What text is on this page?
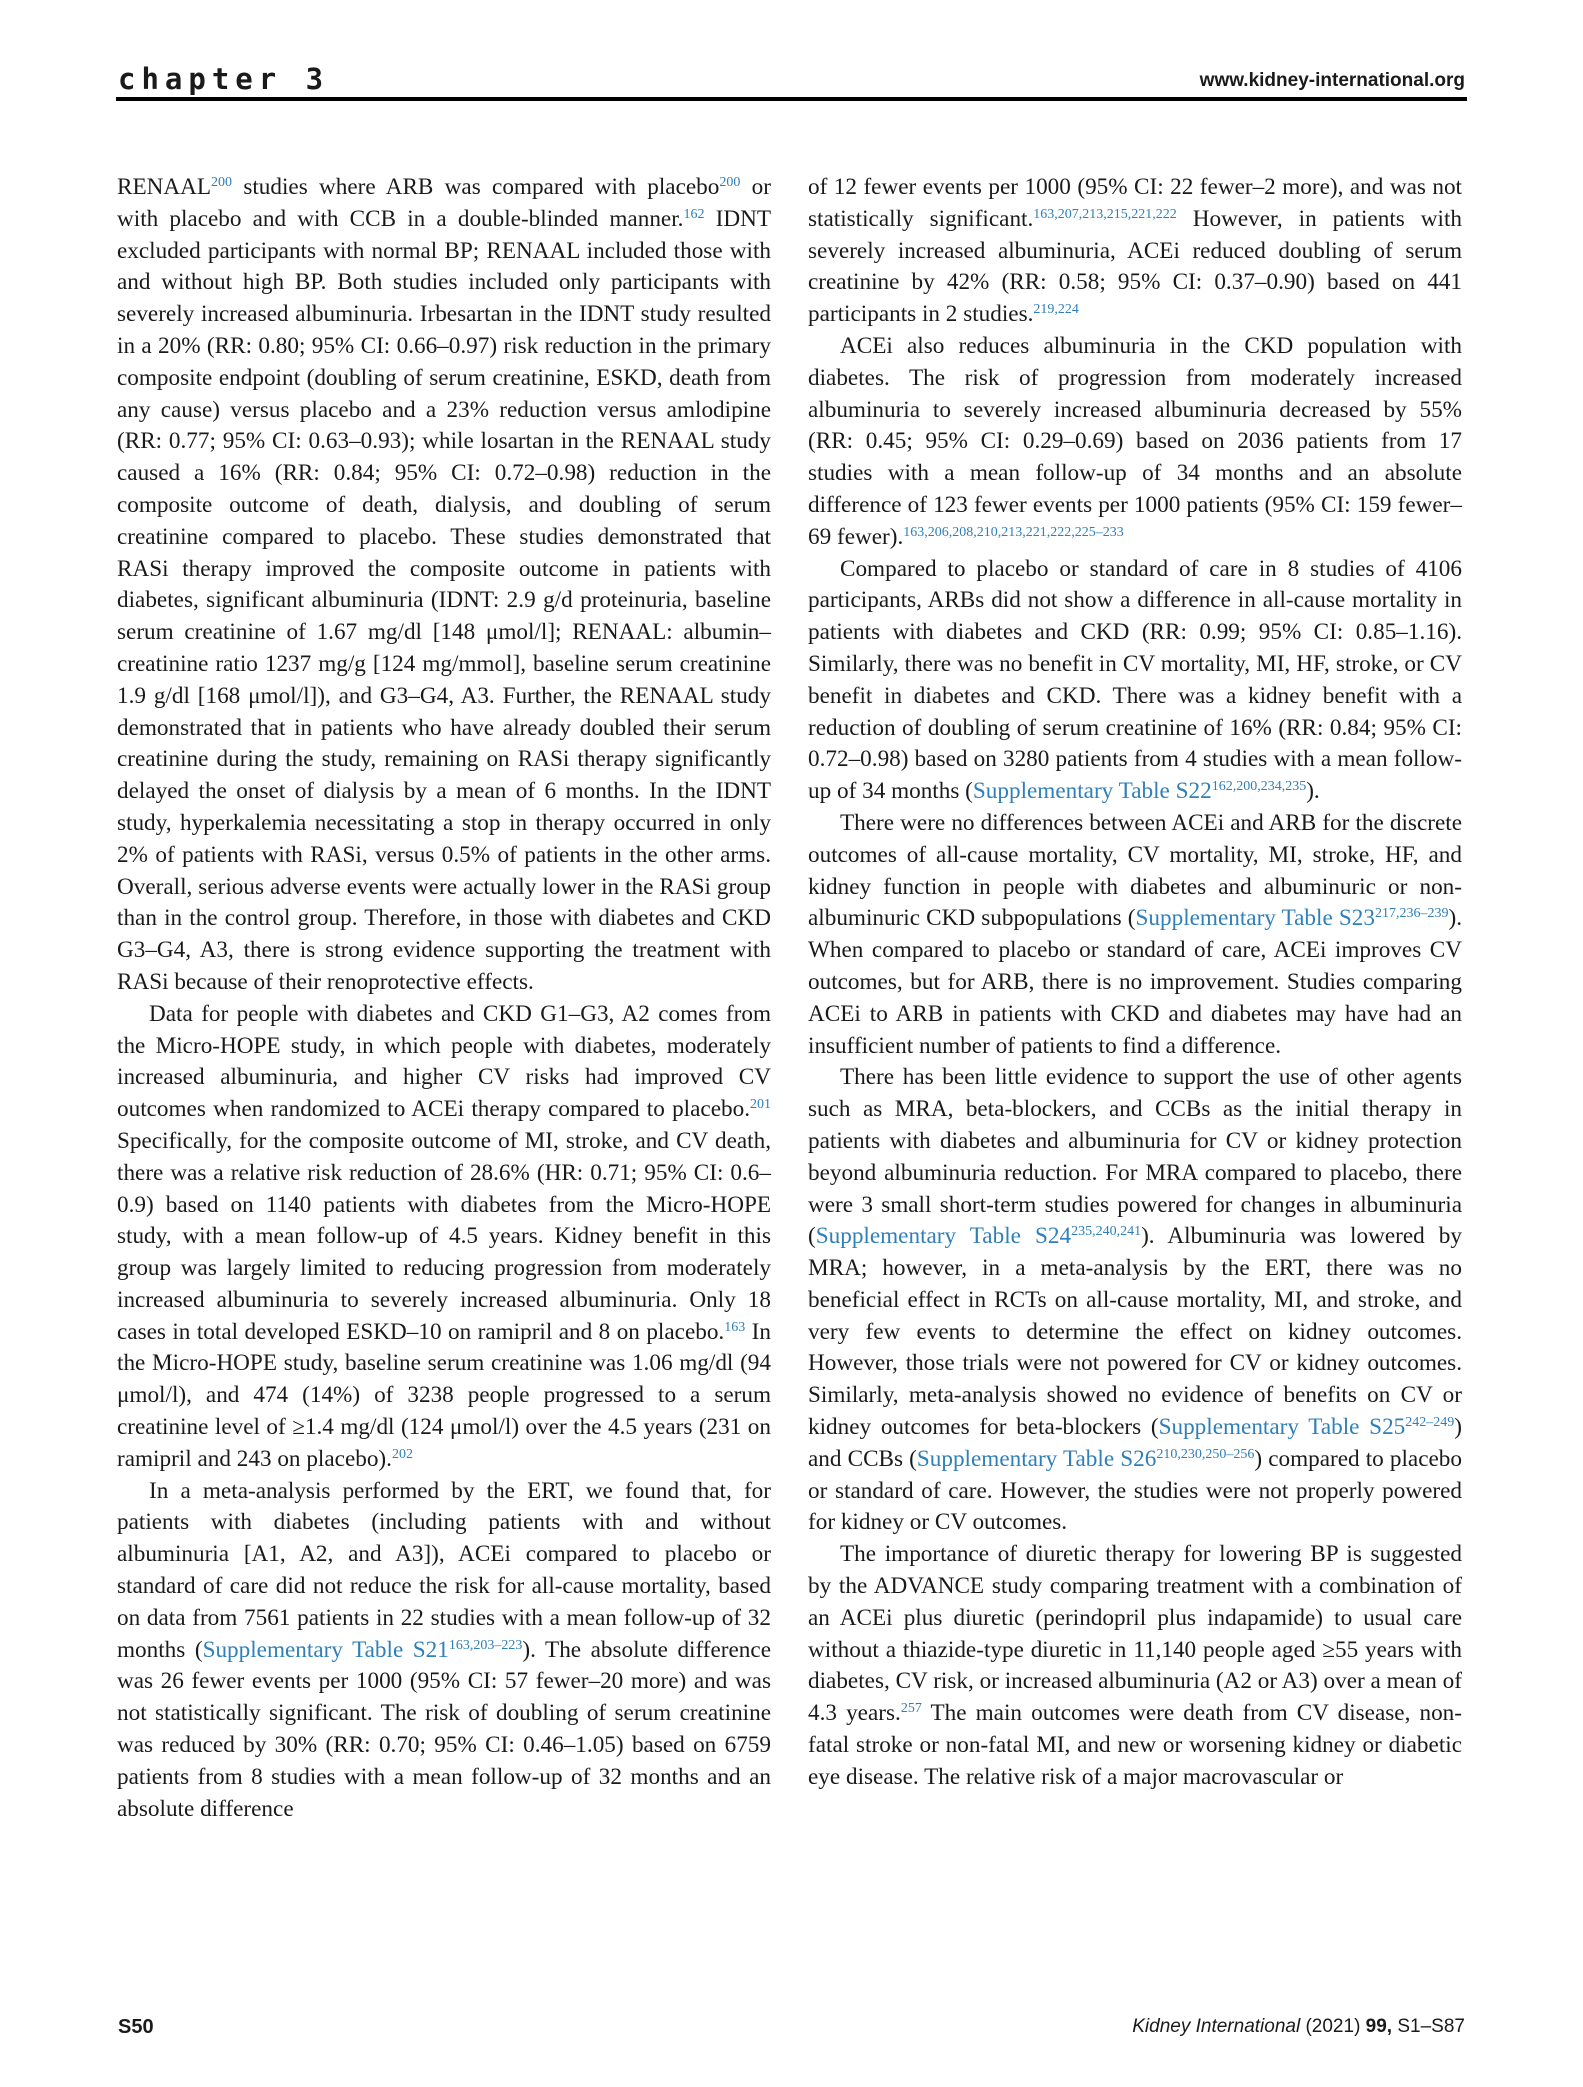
chapter 3	www.kidney-international.org

RENAAL$^{200}$ studies where ARB was compared with placebo$^{200}$ or with placebo and with CCB in a double-blinded manner.$^{162}$ IDNT excluded participants with normal BP; RENAAL included those with and without high BP. Both studies included only participants with severely increased albuminuria. Irbesartan in the IDNT study resulted in a 20% (RR: 0.80; 95% CI: 0.66–0.97) risk reduction in the primary composite endpoint (doubling of serum creatinine, ESKD, death from any cause) versus placebo and a 23% reduction versus amlodipine (RR: 0.77; 95% CI: 0.63–0.93); while losartan in the RENAAL study caused a 16% (RR: 0.84; 95% CI: 0.72–0.98) reduction in the composite outcome of death, dialysis, and doubling of serum creatinine compared to placebo. These studies demonstrated that RASi therapy improved the composite outcome in patients with diabetes, significant albuminuria (IDNT: 2.9 g/d proteinuria, baseline serum creatinine of 1.67 mg/dl [148 μmol/l]; RENAAL: albumin–creatinine ratio 1237 mg/g [124 mg/mmol], baseline serum creatinine 1.9 g/dl [168 μmol/l]), and G3–G4, A3. Further, the RENAAL study demonstrated that in patients who have already doubled their serum creatinine during the study, remaining on RASi therapy significantly delayed the onset of dialysis by a mean of 6 months. In the IDNT study, hyperkalemia necessitating a stop in therapy occurred in only 2% of patients with RASi, versus 0.5% of patients in the other arms. Overall, serious adverse events were actually lower in the RASi group than in the control group. Therefore, in those with diabetes and CKD G3–G4, A3, there is strong evidence supporting the treatment with RASi because of their renoprotective effects.

Data for people with diabetes and CKD G1–G3, A2 comes from the Micro-HOPE study, in which people with diabetes, moderately increased albuminuria, and higher CV risks had improved CV outcomes when randomized to ACEi therapy compared to placebo.$^{201}$ Specifically, for the composite outcome of MI, stroke, and CV death, there was a relative risk reduction of 28.6% (HR: 0.71; 95% CI: 0.6–0.9) based on 1140 patients with diabetes from the Micro-HOPE study, with a mean follow-up of 4.5 years. Kidney benefit in this group was largely limited to reducing progression from moderately increased albuminuria to severely increased albuminuria. Only 18 cases in total developed ESKD–10 on ramipril and 8 on placebo.$^{163}$ In the Micro-HOPE study, baseline serum creatinine was 1.06 mg/dl (94 μmol/l), and 474 (14%) of 3238 people progressed to a serum creatinine level of ≥1.4 mg/dl (124 μmol/l) over the 4.5 years (231 on ramipril and 243 on placebo).$^{202}$

In a meta-analysis performed by the ERT, we found that, for patients with diabetes (including patients with and without albuminuria [A1, A2, and A3]), ACEi compared to placebo or standard of care did not reduce the risk for all-cause mortality, based on data from 7561 patients in 22 studies with a mean follow-up of 32 months (Supplementary Table S21$^{163,203-223}$). The absolute difference was 26 fewer events per 1000 (95% CI: 57 fewer–20 more) and was not statistically significant. The risk of doubling of serum creatinine was reduced by 30% (RR: 0.70; 95% CI: 0.46–1.05) based on 6759 patients from 8 studies with a mean follow-up of 32 months and an absolute difference

of 12 fewer events per 1000 (95% CI: 22 fewer–2 more), and was not statistically significant.$^{163,207,213,215,221,222}$ However, in patients with severely increased albuminuria, ACEi reduced doubling of serum creatinine by 42% (RR: 0.58; 95% CI: 0.37–0.90) based on 441 participants in 2 studies.$^{219,224}$

ACEi also reduces albuminuria in the CKD population with diabetes. The risk of progression from moderately increased albuminuria to severely increased albuminuria decreased by 55% (RR: 0.45; 95% CI: 0.29–0.69) based on 2036 patients from 17 studies with a mean follow-up of 34 months and an absolute difference of 123 fewer events per 1000 patients (95% CI: 159 fewer–69 fewer).$^{163,206,208,210,213,221,222,225-233}$

Compared to placebo or standard of care in 8 studies of 4106 participants, ARBs did not show a difference in all-cause mortality in patients with diabetes and CKD (RR: 0.99; 95% CI: 0.85–1.16). Similarly, there was no benefit in CV mortality, MI, HF, stroke, or CV benefit in diabetes and CKD. There was a kidney benefit with a reduction of doubling of serum creatinine of 16% (RR: 0.84; 95% CI: 0.72–0.98) based on 3280 patients from 4 studies with a mean follow-up of 34 months (Supplementary Table S22$^{162,200,234,235}$).

There were no differences between ACEi and ARB for the discrete outcomes of all-cause mortality, CV mortality, MI, stroke, HF, and kidney function in people with diabetes and albuminuric or non-albuminuric CKD subpopulations (Supplementary Table S23$^{217,236-239}$). When compared to placebo or standard of care, ACEi improves CV outcomes, but for ARB, there is no improvement. Studies comparing ACEi to ARB in patients with CKD and diabetes may have had an insufficient number of patients to find a difference.

There has been little evidence to support the use of other agents such as MRA, beta-blockers, and CCBs as the initial therapy in patients with diabetes and albuminuria for CV or kidney protection beyond albuminuria reduction. For MRA compared to placebo, there were 3 small short-term studies powered for changes in albuminuria (Supplementary Table S24$^{235,240,241}$). Albuminuria was lowered by MRA; however, in a meta-analysis by the ERT, there was no beneficial effect in RCTs on all-cause mortality, MI, and stroke, and very few events to determine the effect on kidney outcomes. However, those trials were not powered for CV or kidney outcomes. Similarly, meta-analysis showed no evidence of benefits on CV or kidney outcomes for beta-blockers (Supplementary Table S25$^{242-249}$) and CCBs (Supplementary Table S26$^{210,230,250-256}$) compared to placebo or standard of care. However, the studies were not properly powered for kidney or CV outcomes.

The importance of diuretic therapy for lowering BP is suggested by the ADVANCE study comparing treatment with a combination of an ACEi plus diuretic (perindopril plus indapamide) to usual care without a thiazide-type diuretic in 11,140 people aged ≥55 years with diabetes, CV risk, or increased albuminuria (A2 or A3) over a mean of 4.3 years.$^{257}$ The main outcomes were death from CV disease, non-fatal stroke or non-fatal MI, and new or worsening kidney or diabetic eye disease. The relative risk of a major macrovascular or

S50	Kidney International (2021) 99, S1–S87
